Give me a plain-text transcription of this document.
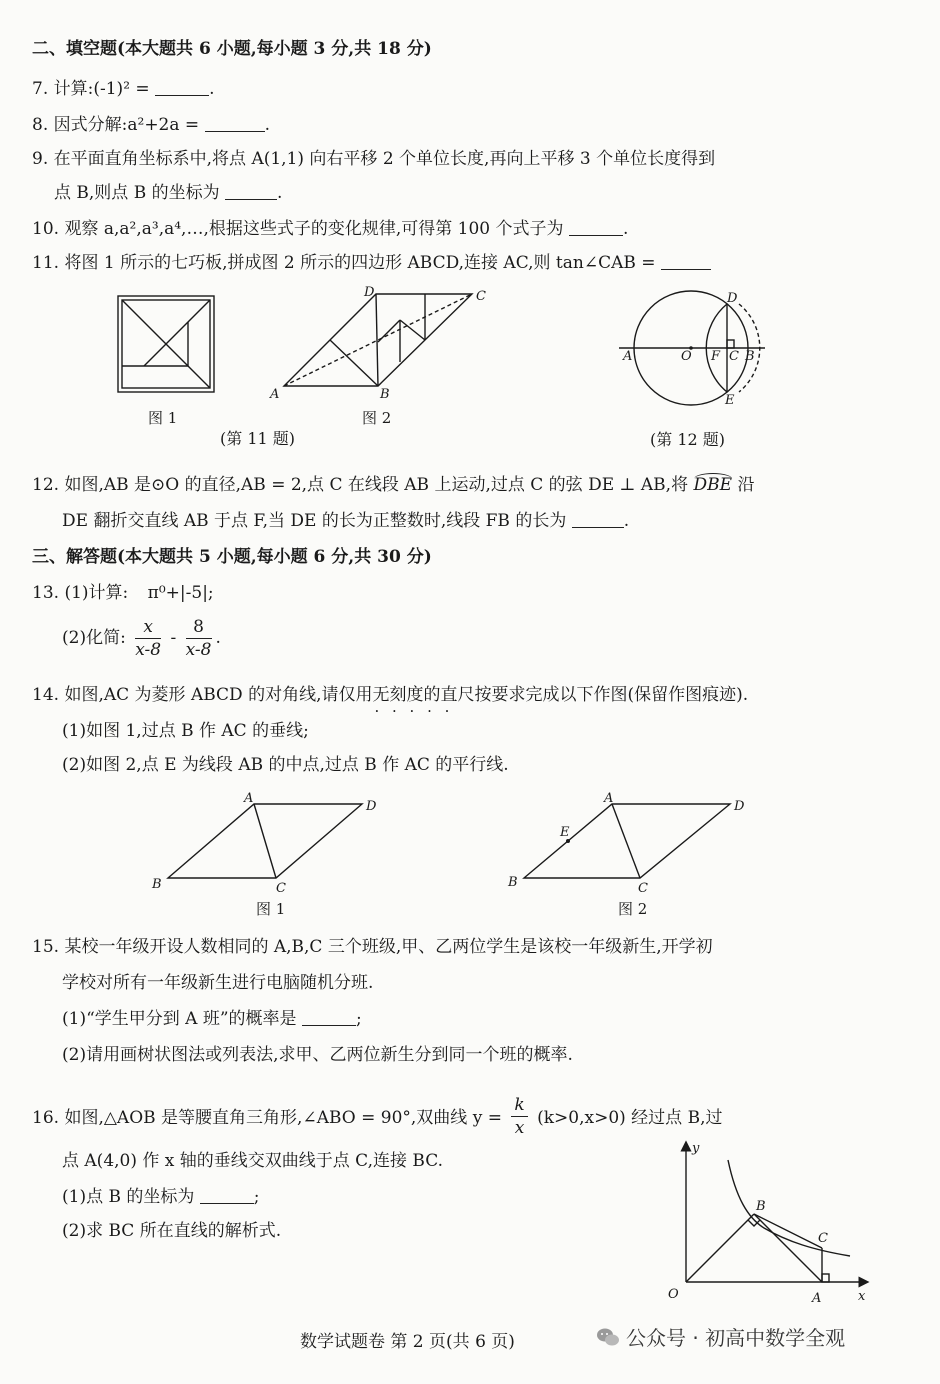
二、填空题(本大题共 6 小题,每小题 3 分,共 18 分)
7. 计算:(-1)² =	.
8. 因式分解:a²+2a =	.
9. 在平面直角坐标系中,将点 A(1,1) 向右平移 2 个单位长度,再向上平移 3 个单位长度得到
点 B,则点 B 的坐标为	.
10. 观察 a,a²,a³,a⁴,…,根据这些式子的变化规律,可得第 100 个式子为	.
11. 将图 1 所示的七巧板,拼成图 2 所示的四边形 ABCD,连接 AC,则 tan∠CAB =
图 1
D	C
A	B
图 2
(第 11 题)
D
A	O F C B
E
(第 12 题)
12. 如图,AB 是⊙O 的直径,AB = 2,点 C 在线段 AB 上运动,过点 C 的弦 DE ⊥ AB,将 DBE 沿
DE 翻折交直线 AB 于点 F,当 DE 的长为正整数时,线段 FB 的长为	.
三、解答题(本大题共 5 小题,每小题 6 分,共 30 分)
13. (1)计算: π⁰+|-5|;
(2)化简: $\frac{x}{x-8} - \frac{8}{x-8}$ .
14. 如图,AC 为菱形 ABCD 的对角线,请仅用无刻度的直尺 · · ·按要求完成以下作图(保留作图痕迹).
(1)如图 1,过点 B 作 AC 的垂线;
(2)如图 2,点 E 为线段 AB 的中点,过点 B 作 AC 的平行线.
A
D
B	C
图 1
A
D
E
B	C
图 2
15. 某校一年级开设人数相同的 A,B,C 三个班级,甲、乙两位学生是该校一年级新生,开学初
学校对所有一年级新生进行电脑随机分班.
(1)“学生甲分到 A 班”的概率是	;
(2)请用画树状图法或列表法,求甲、乙两位新生分到同一个班的概率.
16. 如图,△AOB 是等腰直角三角形,∠ABO = 90°,双曲线 $y = \frac{k}{x} (k>0,x>0)$ 经过点 B,过
点 A(4,0) 作 x 轴的垂线交双曲线于点 C,连接 BC.
(1)点 B 的坐标为	;
(2)求 BC 所在直线的解析式.
y
B
C
O	A	x
数学试题卷 第 2 页(共 6 页)	公众号 · 初高中数学全观
